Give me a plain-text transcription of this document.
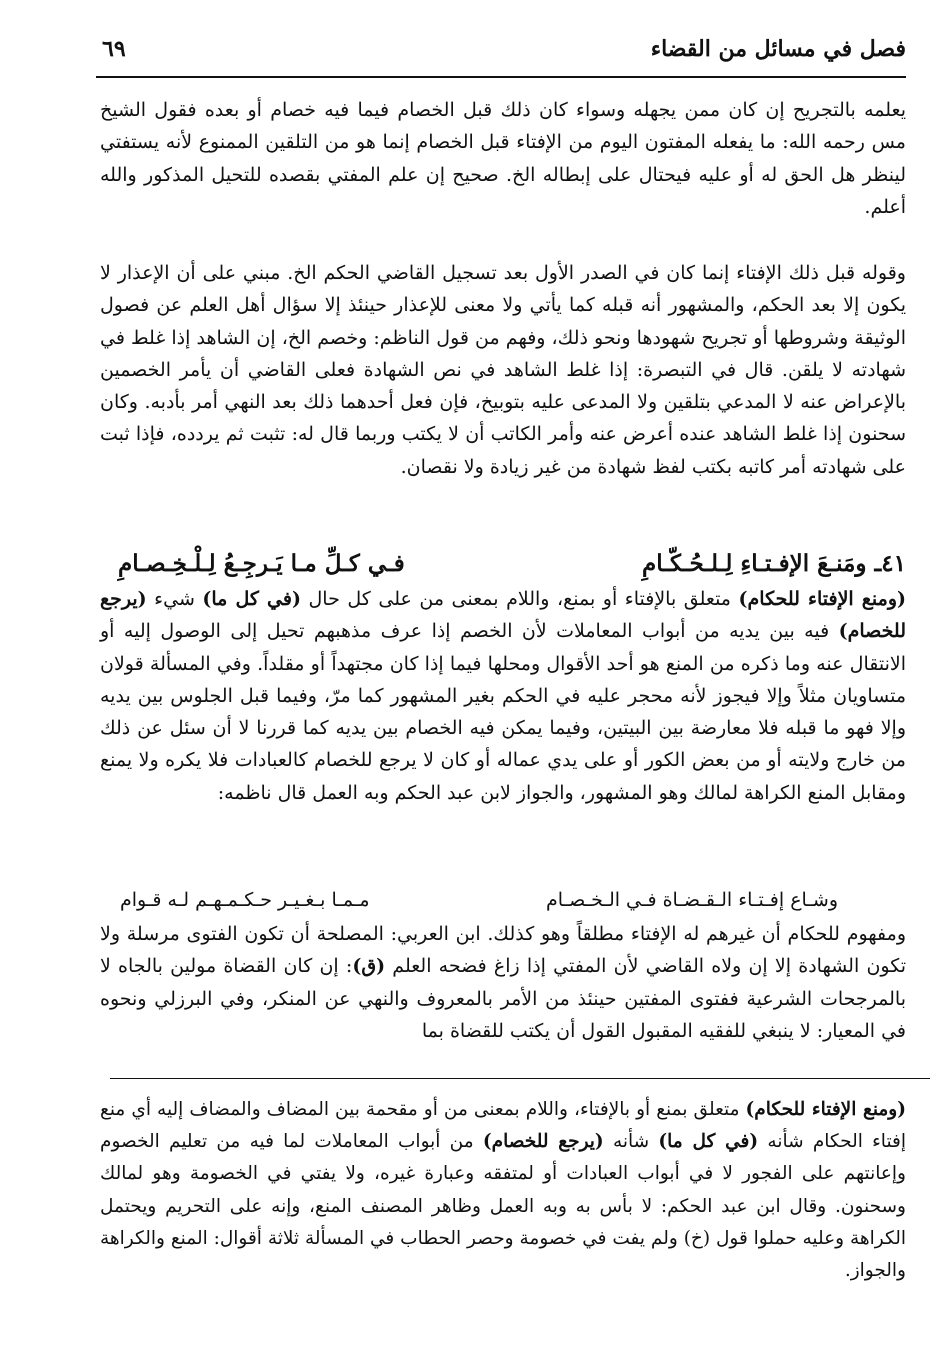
فصل في مسائل من القضاء
٦٩

يعلمه بالتجريح إن كان ممن يجهله وسواء كان ذلك قبل الخصام فيما فيه خصام أو بعده فقول الشيخ مس رحمه الله: ما يفعله المفتون اليوم من الإفتاء قبل الخصام إنما هو من التلقين الممنوع لأنه يستفتي لينظر هل الحق له أو عليه فيحتال على إبطاله الخ. صحيح إن علم المفتي بقصده للتحيل المذكور والله أعلم.

وقوله قبل ذلك الإفتاء إنما كان في الصدر الأول بعد تسجيل القاضي الحكم الخ. مبني على أن الإعذار لا يكون إلا بعد الحكم، والمشهور أنه قبله كما يأتي ولا معنى للإعذار حينئذ إلا سؤال أهل العلم عن فصول الوثيقة وشروطها أو تجريح شهودها ونحو ذلك، وفهم من قول الناظم: وخصم الخ، إن الشاهد إذا غلط في شهادته لا يلقن. قال في التبصرة: إذا غلط الشاهد في نص الشهادة فعلى القاضي أن يأمر الخصمين بالإعراض عنه لا المدعي بتلقين ولا المدعى عليه بتوبيخ، فإن فعل أحدهما ذلك بعد النهي أمر بأدبه. وكان سحنون إذا غلط الشاهد عنده أعرض عنه وأمر الكاتب أن لا يكتب وربما قال له: تثبت ثم يردده، فإذا ثبت على شهادته أمر كاتبه بكتب لفظ شهادة من غير زيادة ولا نقصان.

٤١ـ ومَنـعَ الإفـتـاءِ لِـلـحُـكّـامِ
فـي كـلِّ مـا يَـرجِـعُ لِـلْـخِـصـامِ

(ومنع الإفتاء للحكام) متعلق بالإفتاء أو بمنع، واللام بمعنى من على كل حال (في كل ما) شيء (يرجع للخصام) فيه بين يديه من أبواب المعاملات لأن الخصم إذا عرف مذهبهم تحيل إلى الوصول إليه أو الانتقال عنه وما ذكره من المنع هو أحد الأقوال ومحلها فيما إذا كان مجتهداً أو مقلداً. وفي المسألة قولان متساويان مثلاً وإلا فيجوز لأنه محجر عليه في الحكم بغير المشهور كما مرّ، وفيما قبل الجلوس بين يديه وإلا فهو ما قبله فلا معارضة بين البيتين، وفيما يمكن فيه الخصام بين يديه كما قررنا لا أن سئل عن ذلك من خارج ولايته أو من بعض الكور أو على يدي عماله أو كان لا يرجع للخصام كالعبادات فلا يكره ولا يمنع ومقابل المنع الكراهة لمالك وهو المشهور، والجواز لابن عبد الحكم وبه العمل قال ناظمه:

وشـاع إفـتـاء الـقـضـاة فـي الـخـصـام
مـمـا بـغـيـر حـكـمـهـم لـه قـوام

ومفهوم للحكام أن غيرهم له الإفتاء مطلقاً وهو كذلك. ابن العربي: المصلحة أن تكون الفتوى مرسلة ولا تكون الشهادة إلا إن ولاه القاضي لأن المفتي إذا زاغ فضحه العلم (ق): إن كان القضاة مولين بالجاه لا بالمرجحات الشرعية ففتوى المفتين حينئذ من الأمر بالمعروف والنهي عن المنكر، وفي البرزلي ونحوه في المعيار: لا ينبغي للفقيه المقبول القول أن يكتب للقضاة بما

(ومنع الإفتاء للحكام) متعلق بمنع أو بالإفتاء، واللام بمعنى من أو مقحمة بين المضاف والمضاف إليه أي منع إفتاء الحكام شأنه (في كل ما) شأنه (يرجع للخصام) من أبواب المعاملات لما فيه من تعليم الخصوم وإعانتهم على الفجور لا في أبواب العبادات أو لمتفقه وعبارة غيره، ولا يفتي في الخصومة وهو لمالك وسحنون. وقال ابن عبد الحكم: لا بأس به وبه العمل وظاهر المصنف المنع، وإنه على التحريم ويحتمل الكراهة وعليه حملوا قول (خ) ولم يفت في خصومة وحصر الحطاب في المسألة ثلاثة أقوال: المنع والكراهة والجواز.
